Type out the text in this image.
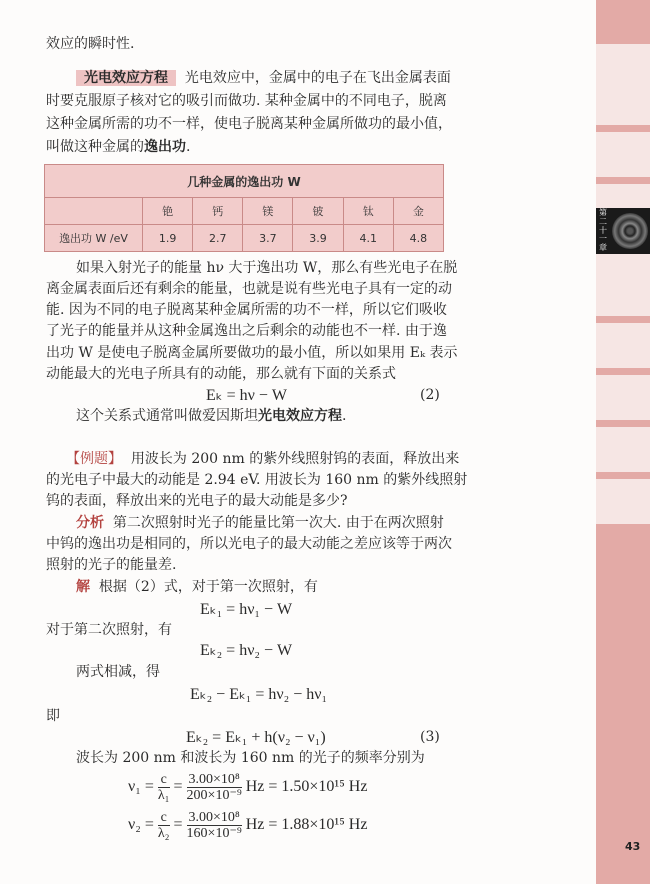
效应的瞬时性.
光电效应方程 光电效应中，金属中的电子在飞出金属表面
时要克服原子核对它的吸引而做功. 某种金属中的不同电子，脱离
这种金属所需的功不一样，使电子脱离某种金属所做功的最小值，
叫做这种金属的逸出功.
几种金属的逸出功 W						
	铯	钙	镁	铍	钛	金
逸出功 W /eV	1.9	2.7	3.7	3.9	4.1	4.8
如果入射光子的能量 hν 大于逸出功 W，那么有些光电子在脱
离金属表面后还有剩余的能量，也就是说有些光电子具有一定的动
能. 因为不同的电子脱离某种金属所需的功不一样，所以它们吸收
了光子的能量并从这种金属逸出之后剩余的动能也不一样. 由于逸
出功 W 是使电子脱离金属所要做功的最小值，所以如果用 Eₖ 表示
动能最大的光电子所具有的动能，那么就有下面的关系式
Eₖ = hν − W	(2)
这个关系式通常叫做爱因斯坦光电效应方程.
【例题】 用波长为 200 nm 的紫外线照射钨的表面，释放出来
的光电子中最大的动能是 2.94 eV. 用波长为 160 nm 的紫外线照射
钨的表面，释放出来的光电子的最大动能是多少?
分析 第二次照射时光子的能量比第一次大. 由于在两次照射
中钨的逸出功是相同的，所以光电子的最大动能之差应该等于两次
照射的光子的能量差.
解 根据（2）式，对于第一次照射，有
Eₖ₁ = hν₁ − W
对于第二次照射，有
Eₖ₂ = hν₂ − W
两式相减，得
Eₖ₂ − Eₖ₁ = hν₂ − hν₁
即
Eₖ₂ = Eₖ₁ + h(ν₂ − ν₁)	(3)
波长为 200 nm 和波长为 160 nm 的光子的频率分别为
$\nu_1 = \frac{c}{\text{λ₁}} = \frac{\text{3.00×10⁸}}{\text{200×10⁻⁹}}$ Hz = 1.50×10¹⁵ Hz
$\nu_2 = \frac{c}{\text{λ₂}} = \frac{\text{3.00×10⁸}}{\text{160×10⁻⁹}}$ Hz = 1.88×10¹⁵ Hz
第二十一章
43
